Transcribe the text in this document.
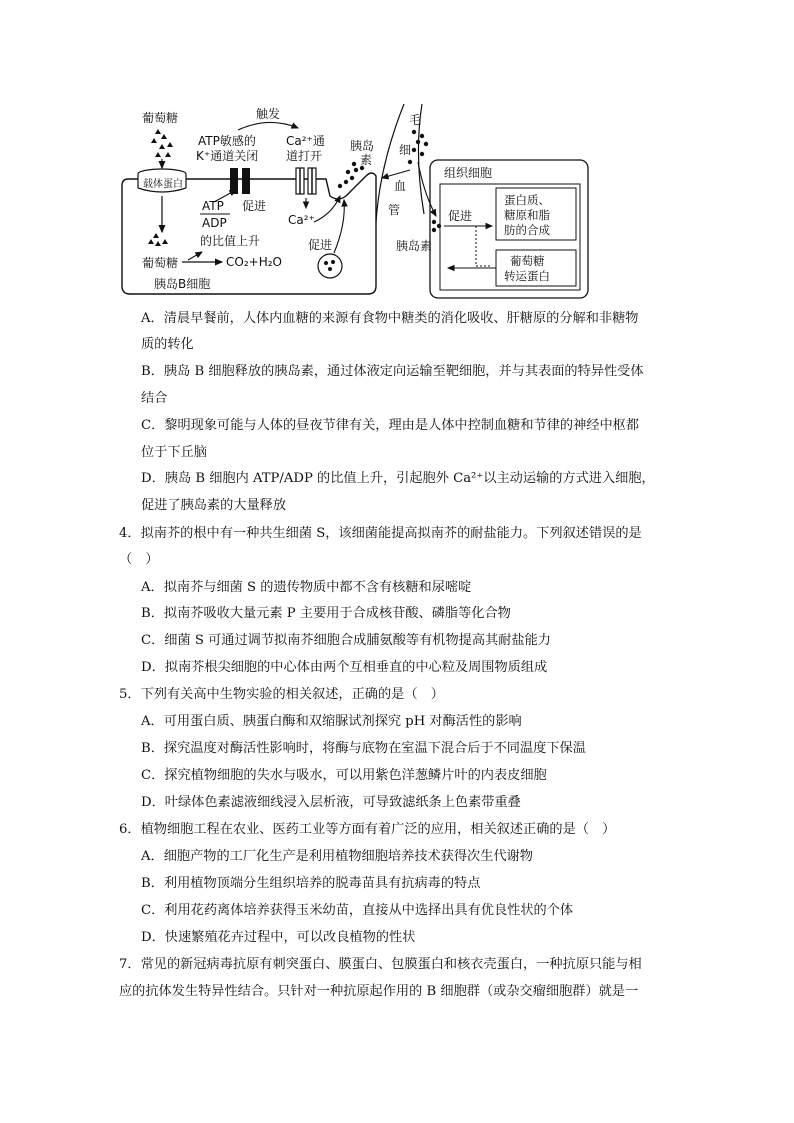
葡萄糖
载体蛋白
葡萄糖
胰岛B细胞
CO₂+H₂O
ATP
ADP
的比值上升
促进
ATP敏感的
K⁺通道关闭
触发
Ca²⁺通
道打开
Ca²⁺
促进
胰岛
素
毛
细
血
管
组织细胞
胰岛素
促进
蛋白质、
糖原和脂
肪的合成
葡萄糖
转运蛋白
A．清晨早餐前，人体内血糖的来源有食物中糖类的消化吸收、肝糖原的分解和非糖物
质的转化
B．胰岛 B 细胞释放的胰岛素，通过体液定向运输至靶细胞，并与其表面的特异性受体
结合
C．黎明现象可能与人体的昼夜节律有关，理由是人体中控制血糖和节律的神经中枢都
位于下丘脑
D．胰岛 B 细胞内 ATP/ADP 的比值上升，引起胞外 Ca²⁺以主动运输的方式进入细胞，
促进了胰岛素的大量释放
4．拟南芥的根中有一种共生细菌 S，该细菌能提高拟南芥的耐盐能力。下列叙述错误的是
（　）
A．拟南芥与细菌 S 的遗传物质中都不含有核糖和尿嘧啶
B．拟南芥吸收大量元素 P 主要用于合成核苷酸、磷脂等化合物
C．细菌 S 可通过调节拟南芥细胞合成脯氨酸等有机物提高其耐盐能力
D．拟南芥根尖细胞的中心体由两个互相垂直的中心粒及周围物质组成
5．下列有关高中生物实验的相关叙述，正确的是（　）
A．可用蛋白质、胰蛋白酶和双缩脲试剂探究 pH 对酶活性的影响
B．探究温度对酶活性影响时，将酶与底物在室温下混合后于不同温度下保温
C．探究植物细胞的失水与吸水，可以用紫色洋葱鳞片叶的内表皮细胞
D．叶绿体色素滤液细线浸入层析液，可导致滤纸条上色素带重叠
6．植物细胞工程在农业、医药工业等方面有着广泛的应用，相关叙述正确的是（　）
A．细胞产物的工厂化生产是利用植物细胞培养技术获得次生代谢物
B．利用植物顶端分生组织培养的脱毒苗具有抗病毒的特点
C．利用花药离体培养获得玉米幼苗，直接从中选择出具有优良性状的个体
D．快速繁殖花卉过程中，可以改良植物的性状
7．常见的新冠病毒抗原有刺突蛋白、膜蛋白、包膜蛋白和核衣壳蛋白，一种抗原只能与相
应的抗体发生特异性结合。只针对一种抗原起作用的 B 细胞群（或杂交瘤细胞群）就是一
